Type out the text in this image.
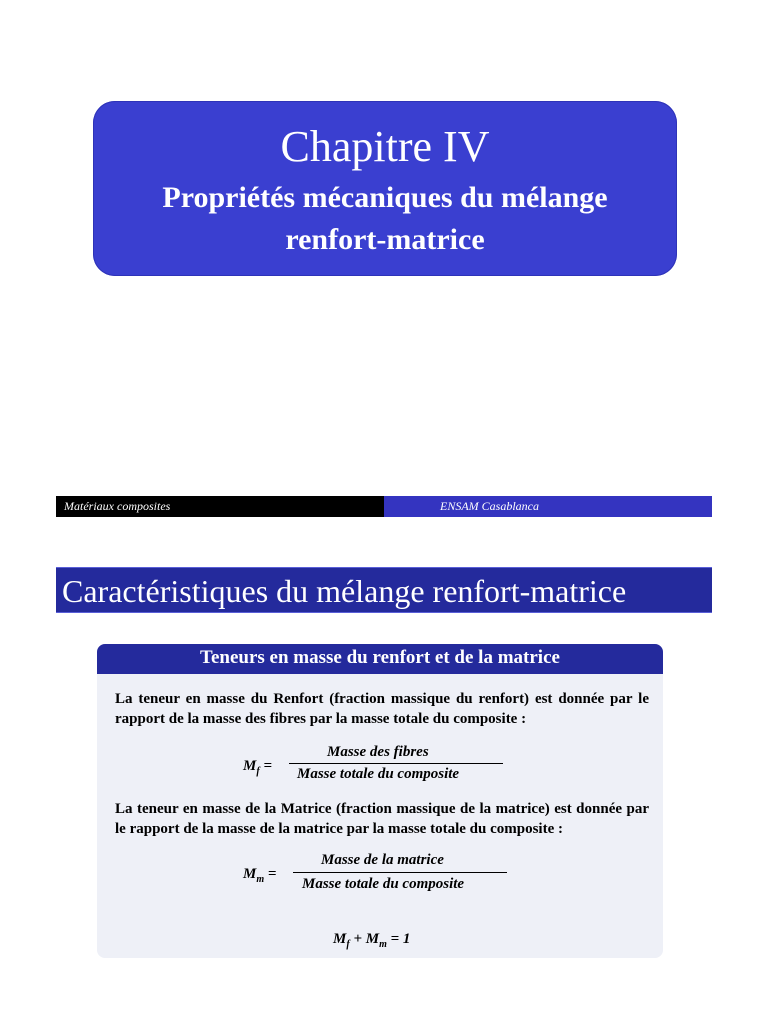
Chapitre IV
Propriétés mécaniques du mélange
renfort-matrice
Matériaux composites	ENSAM Casablanca
Caractéristiques du mélange renfort-matrice
Teneurs en masse du renfort et de la matrice
La teneur en masse du Renfort (fraction massique du renfort) est donnée par le rapport de la masse des fibres par la masse totale du composite :
$M_f$ =
Masse des fibres
Masse totale du composite
La teneur en masse de la Matrice (fraction massique de la matrice) est donnée par le rapport de la masse de la matrice par la masse totale du composite :
$M_m$ =
Masse de la matrice
Masse totale du composite
$M_f + M_m = 1$
